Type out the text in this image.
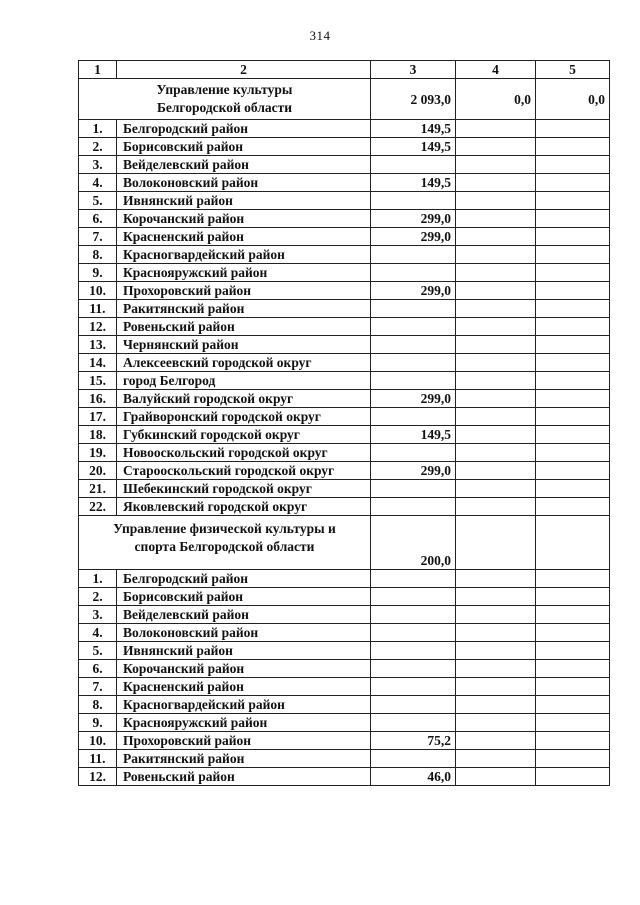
314
1	2	3	4	5

Управление культуры
Белгородской области		2 093,0	0,0	0,0
1.	Белгородский район	149,5		
2.	Борисовский район	149,5		
3.	Вейделевский район			
4.	Волоконовский район	149,5		
5.	Ивнянский район			
6.	Корочанский район	299,0		
7.	Красненский район	299,0		
8.	Красногвардейский район			
9.	Краснояружский район			
10.	Прохоровский район	299,0		
11.	Ракитянский район			
12.	Ровеньский район			
13.	Чернянский район			
14.	Алексеевский городской округ			
15.	город Белгород			
16.	Валуйский городской округ	299,0		
17.	Грайворонский городской округ			
18.	Губкинский городской округ	149,5		
19.	Новооскольский городской округ			
20.	Старооскольский городской округ	299,0		
21.	Шебекинский городской округ			
22.	Яковлевский городской округ			

Управление физической культуры и
спорта Белгородской области		200,0		
1.	Белгородский район			
2.	Борисовский район			
3.	Вейделевский район			
4.	Волоконовский район			
5.	Ивнянский район			
6.	Корочанский район			
7.	Красненский район			
8.	Красногвардейский район			
9.	Краснояружский район			
10.	Прохоровский район	75,2		
11.	Ракитянский район			
12.	Ровеньский район	46,0		
